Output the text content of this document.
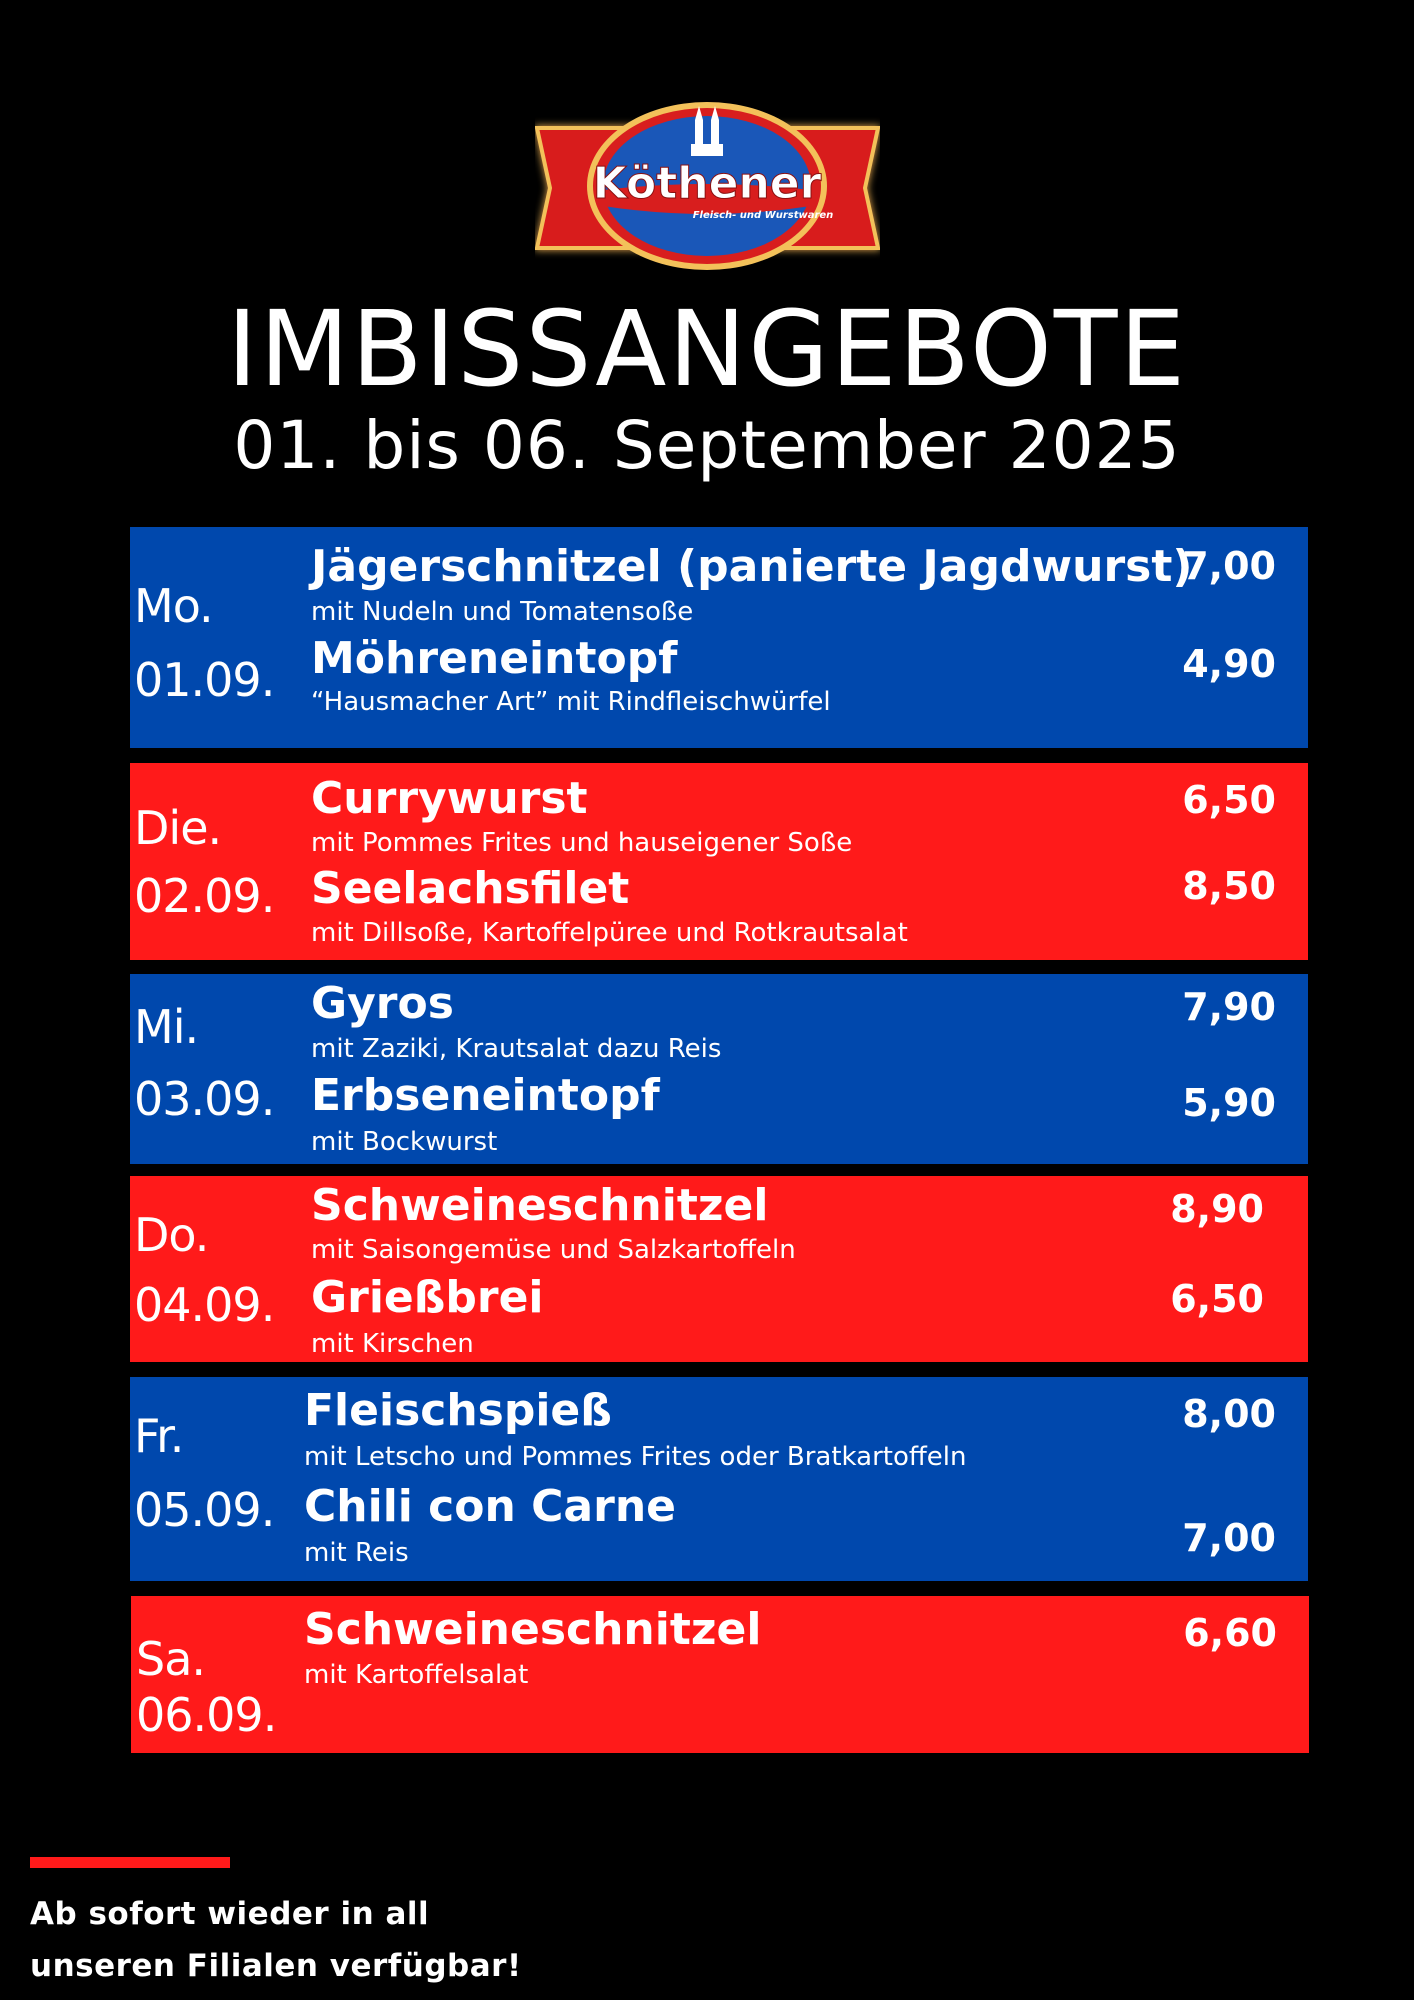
Köthener
Fleisch- und Wurstwaren
IMBISSANGEBOTE
01. bis 06. September 2025
Mo.
01.09.
Jägerschnitzel (panierte Jagdwurst)
mit Nudeln und Tomatensoße
7,00
Möhreneintopf
“Hausmacher Art” mit Rindfleischwürfel
4,90
Die.
02.09.
Currywurst
mit Pommes Frites und hauseigener Soße
6,50
Seelachsfilet
mit Dillsoße, Kartoffelpüree und Rotkrautsalat
8,50
Mi.
03.09.
Gyros
mit Zaziki, Krautsalat dazu Reis
7,90
Erbseneintopf
mit Bockwurst
5,90
Do.
04.09.
Schweineschnitzel
mit Saisongemüse und Salzkartoffeln
8,90
Grießbrei
mit Kirschen
6,50
Fr.
05.09.
Fleischspieß
mit Letscho und Pommes Frites oder Bratkartoffeln
8,00
Chili con Carne
mit Reis	7,00
Sa.
06.09.
Schweineschnitzel
mit Kartoffelsalat
6,60
Ab sofort wieder in all
unseren Filialen verfügbar!
